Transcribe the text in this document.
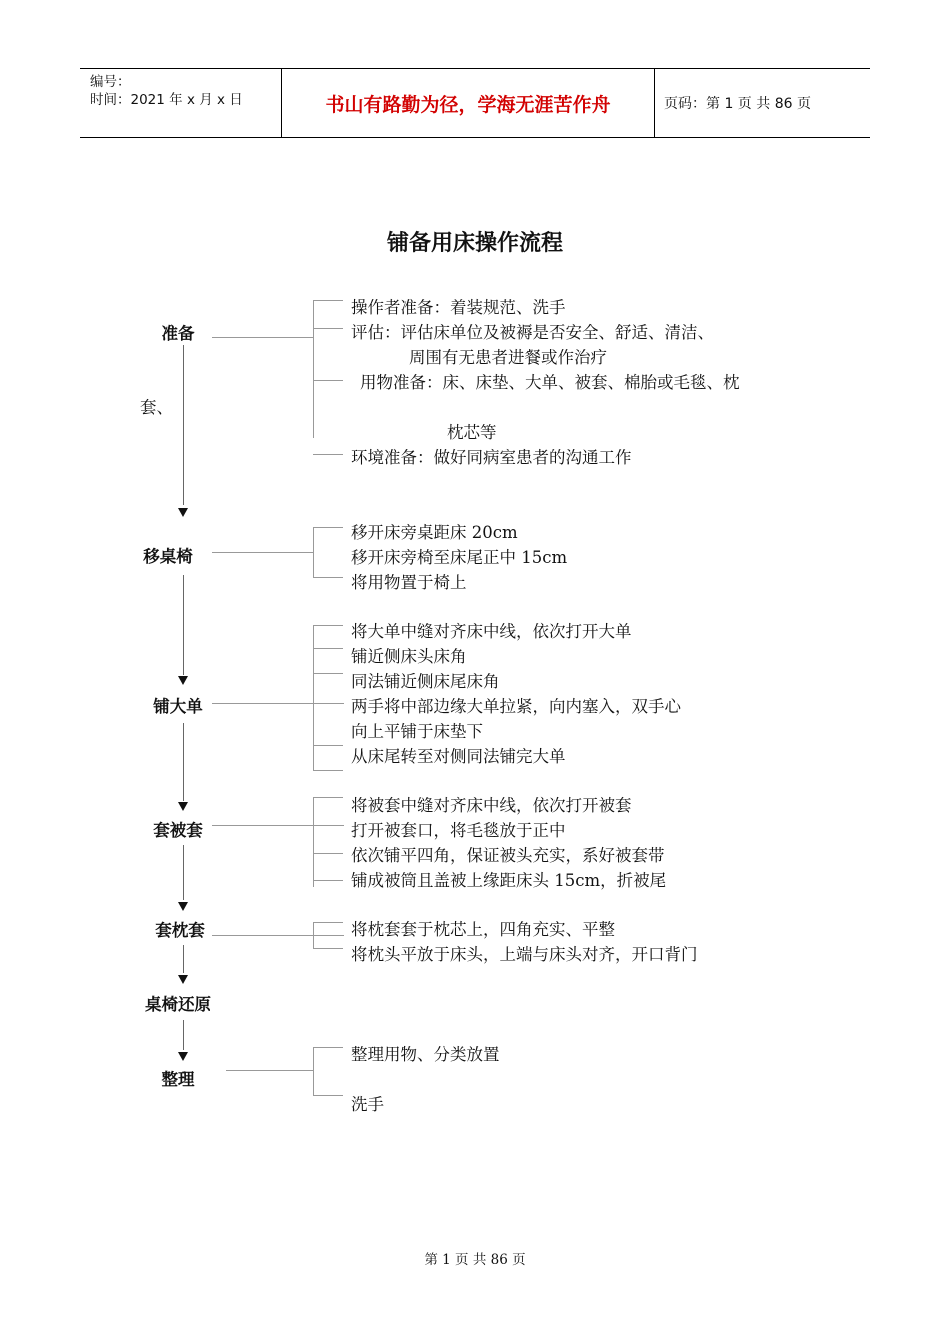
编号：
时间：2021 年 x 月 x 日	书山有路勤为径，学海无涯苦作舟	页码：第 1 页 共 86 页
铺备用床操作流程
准备
套、
移桌椅
铺大单
套被套
套枕套
桌椅还原
整理
操作者准备：着装规范、洗手
评估：评估床单位及被褥是否安全、舒适、清洁、
周围有无患者进餐或作治疗
用物准备：床、床垫、大单、被套、棉胎或毛毯、枕
枕芯等
环境准备：做好同病室患者的沟通工作
移开床旁桌距床 20cm
移开床旁椅至床尾正中 15cm
将用物置于椅上
将大单中缝对齐床中线，依次打开大单
铺近侧床头床角
同法铺近侧床尾床角
两手将中部边缘大单拉紧，向内塞入，双手心
向上平铺于床垫下
从床尾转至对侧同法铺完大单
将被套中缝对齐床中线，依次打开被套
打开被套口，将毛毯放于正中
依次铺平四角，保证被头充实，系好被套带
铺成被筒且盖被上缘距床头 15cm，折被尾
将枕套套于枕芯上，四角充实、平整
将枕头平放于床头，上端与床头对齐，开口背门
整理用物、分类放置
洗手
第 1 页 共 86 页
